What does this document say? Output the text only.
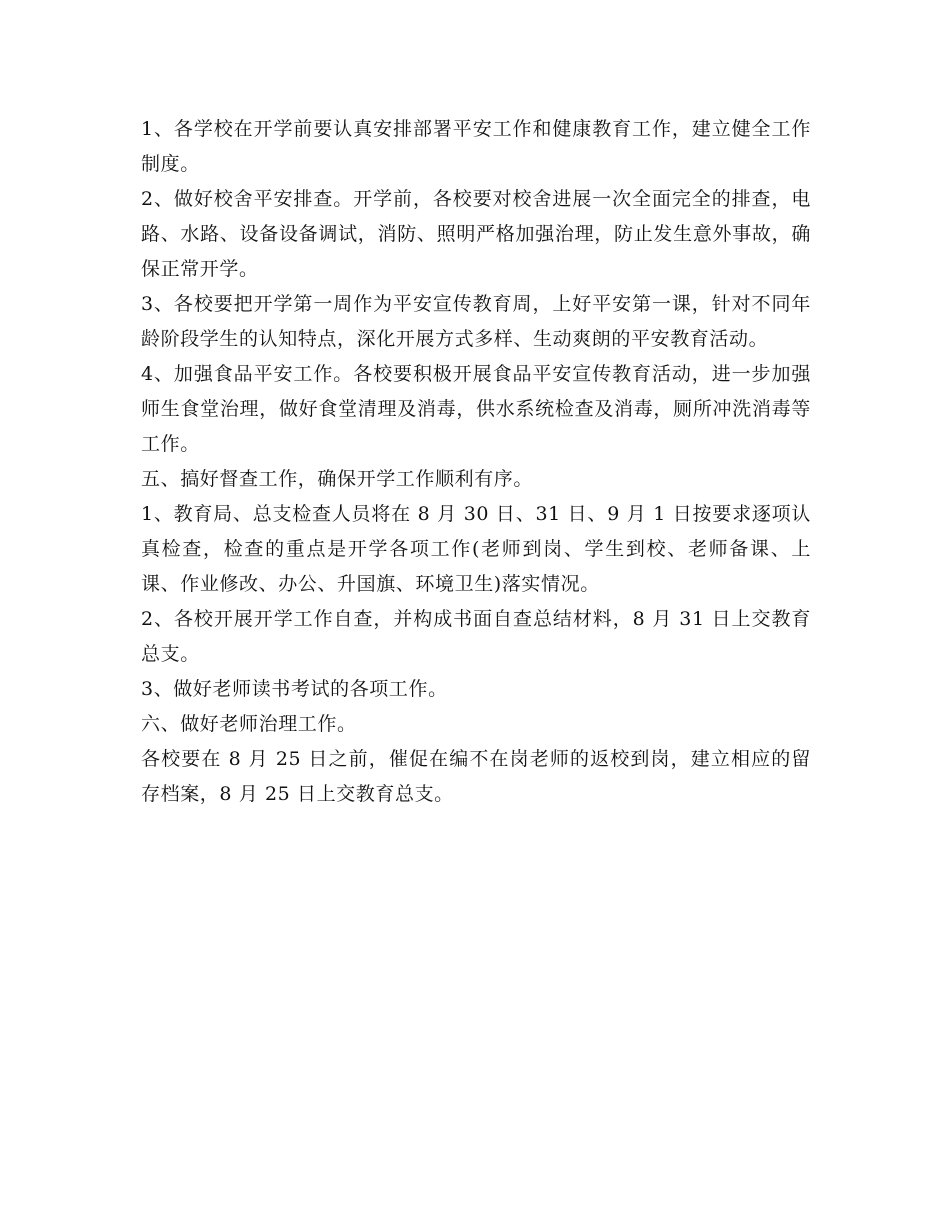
1、各学校在开学前要认真安排部署平安工作和健康教育工作，建立健全工作制度。

2、做好校舍平安排查。开学前，各校要对校舍进展一次全面完全的排查，电路、水路、设备设备调试，消防、照明严格加强治理，防止发生意外事故，确保正常开学。

3、各校要把开学第一周作为平安宣传教育周，上好平安第一课，针对不同年龄阶段学生的认知特点，深化开展方式多样、生动爽朗的平安教育活动。

4、加强食品平安工作。各校要积极开展食品平安宣传教育活动，进一步加强师生食堂治理，做好食堂清理及消毒，供水系统检查及消毒，厕所冲洗消毒等工作。

五、搞好督查工作，确保开学工作顺利有序。

1、教育局、总支检查人员将在 8 月 30 日、31 日、9 月 1 日按要求逐项认真检查，检查的重点是开学各项工作(老师到岗、学生到校、老师备课、上课、作业修改、办公、升国旗、环境卫生)落实情况。

2、各校开展开学工作自查，并构成书面自查总结材料，8 月 31 日上交教育总支。

3、做好老师读书考试的各项工作。

六、做好老师治理工作。

各校要在 8 月 25 日之前，催促在编不在岗老师的返校到岗，建立相应的留存档案，8 月 25 日上交教育总支。
